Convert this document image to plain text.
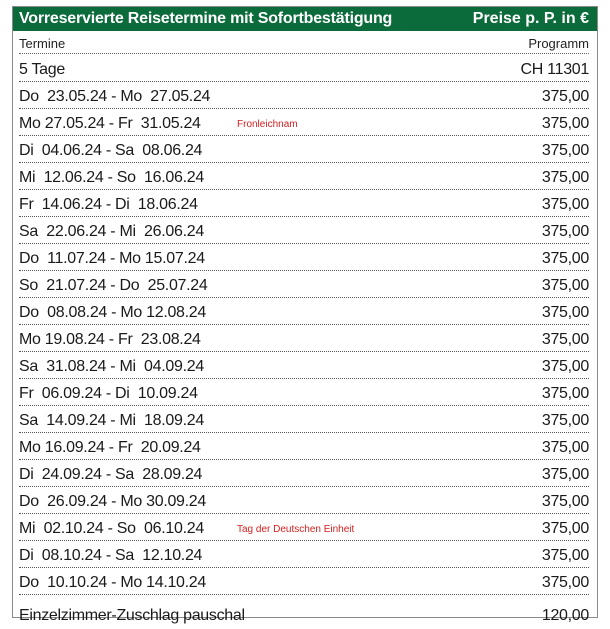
Vorreservierte Reisetermine mit Sofortbestätigung	Preise p. P. in €
Termine	Programm
5 Tage	CH 11301
Do  23.05.24 - Mo  27.05.24	375,00
Mo 27.05.24 - Fr  31.05.24	Fronleichnam	375,00
Di  04.06.24 - Sa  08.06.24	375,00
Mi  12.06.24 - So  16.06.24	375,00
Fr  14.06.24 - Di  18.06.24	375,00
Sa  22.06.24 - Mi  26.06.24	375,00
Do  11.07.24 - Mo 15.07.24	375,00
So  21.07.24 - Do  25.07.24	375,00
Do  08.08.24 - Mo 12.08.24	375,00
Mo 19.08.24 - Fr  23.08.24	375,00
Sa  31.08.24 - Mi  04.09.24	375,00
Fr  06.09.24 - Di  10.09.24	375,00
Sa  14.09.24 - Mi  18.09.24	375,00
Mo 16.09.24 - Fr  20.09.24	375,00
Di  24.09.24 - Sa  28.09.24	375,00
Do  26.09.24 - Mo 30.09.24	375,00
Mi  02.10.24 - So  06.10.24	Tag der Deutschen Einheit	375,00
Di  08.10.24 - Sa  12.10.24	375,00
Do  10.10.24 - Mo 14.10.24	375,00
Einzelzimmer-Zuschlag pauschal	120,00
